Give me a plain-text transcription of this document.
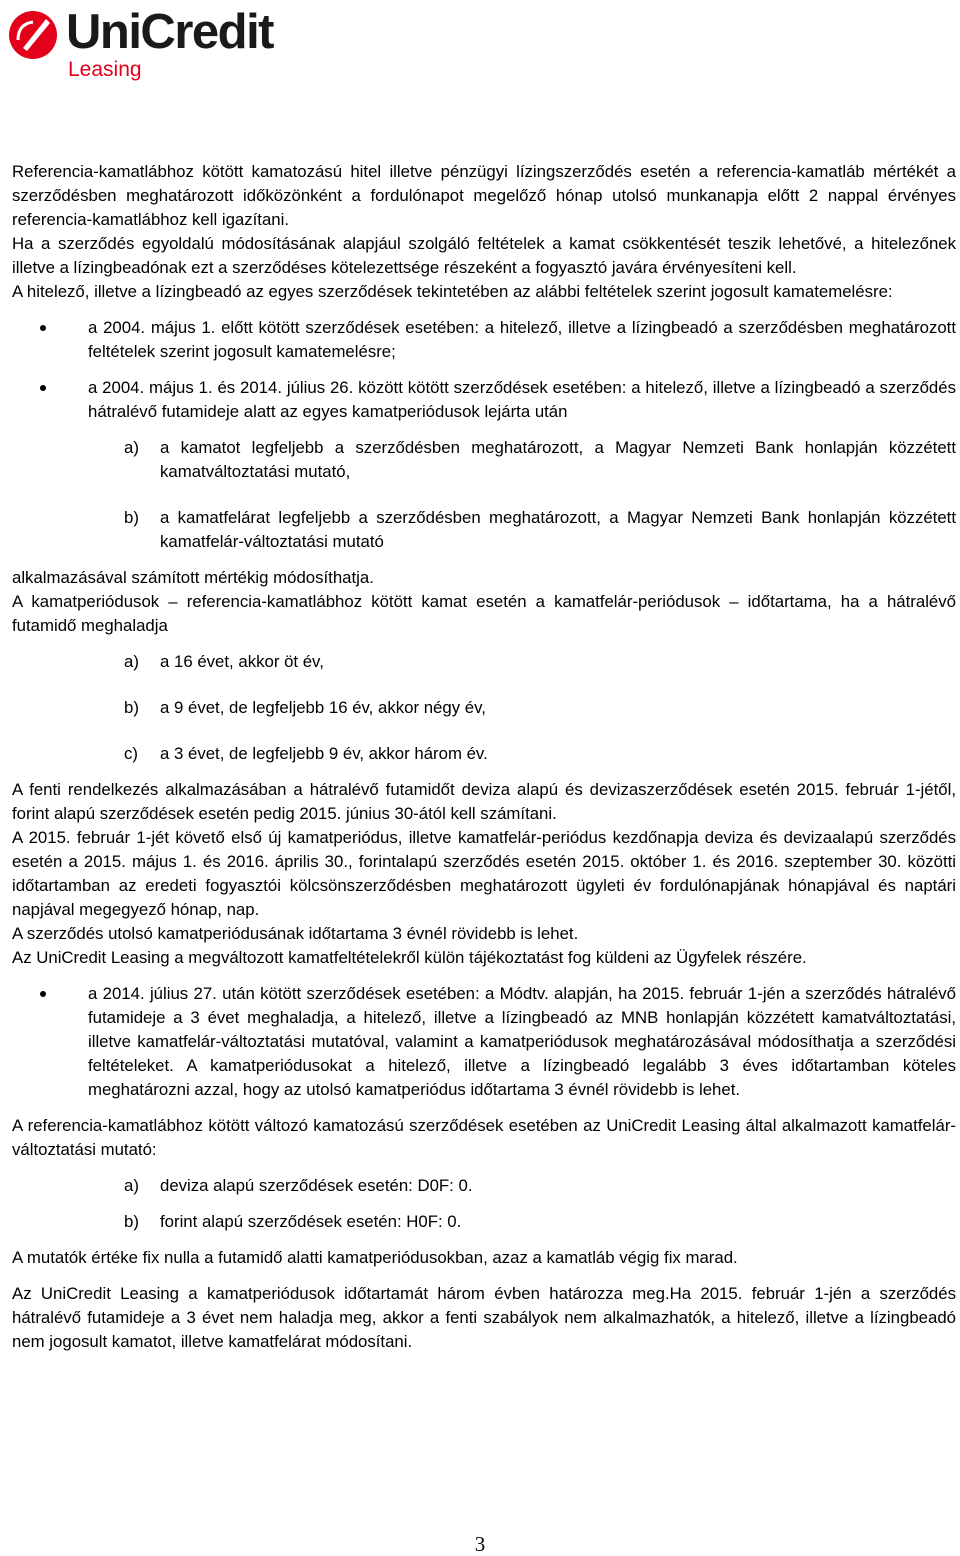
UniCredit
Leasing

Referencia-kamatlábhoz kötött kamatozású hitel illetve pénzügyi lízingszerződés esetén a referencia-kamatláb mértékét a szerződésben meghatározott időközönként a fordulónapot megelőző hónap utolsó munkanapja előtt 2 nappal érvényes referencia-kamatlábhoz kell igazítani.

Ha a szerződés egyoldalú módosításának alapjául szolgáló feltételek a kamat csökkentését teszik lehetővé, a hitelezőnek illetve a lízingbeadónak ezt a szerződéses kötelezettsége részeként a fogyasztó javára érvényesíteni kell.

A hitelező, illetve a lízingbeadó az egyes szerződések tekintetében az alábbi feltételek szerint jogosult kamatemelésre:

a 2004. május 1. előtt kötött szerződések esetében: a hitelező, illetve a lízingbeadó a szerződésben meghatározott feltételek szerint jogosult kamatemelésre;
a 2004. május 1. és 2014. július 26. között kötött szerződések esetében: a hitelező, illetve a lízingbeadó a szerződés hátralévő futamideje alatt az egyes kamatperiódusok lejárta után
a) a kamatot legfeljebb a szerződésben meghatározott, a Magyar Nemzeti Bank honlapján közzétett kamatváltoztatási mutató,
b) a kamatfelárat legfeljebb a szerződésben meghatározott, a Magyar Nemzeti Bank honlapján közzétett kamatfelár-változtatási mutató

alkalmazásával számított mértékig módosíthatja.

A kamatperiódusok – referencia-kamatlábhoz kötött kamat esetén a kamatfelár-periódusok – időtartama, ha a hátralévő futamidő meghaladja

a) a 16 évet, akkor öt év,
b) a 9 évet, de legfeljebb 16 év, akkor négy év,
c) a 3 évet, de legfeljebb 9 év, akkor három év.

A fenti rendelkezés alkalmazásában a hátralévő futamidőt deviza alapú és devizaszerződések esetén 2015. február 1-jétől, forint alapú szerződések esetén pedig 2015. június 30-ától kell számítani.

A 2015. február 1-jét követő első új kamatperiódus, illetve kamatfelár-periódus kezdőnapja deviza és devizaalapú szerződés esetén a 2015. május 1. és 2016. április 30., forintalapú szerződés esetén 2015. október 1. és 2016. szeptember 30. közötti időtartamban az eredeti fogyasztói kölcsönszerződésben meghatározott ügyleti év fordulónapjának hónapjával és naptári napjával megegyező hónap, nap.

A szerződés utolsó kamatperiódusának időtartama 3 évnél rövidebb is lehet.

Az UniCredit Leasing a megváltozott kamatfeltételekről külön tájékoztatást fog küldeni az Ügyfelek részére.

a 2014. július 27. után kötött szerződések esetében: a Módtv. alapján, ha 2015. február 1-jén a szerződés hátralévő futamideje a 3 évet meghaladja, a hitelező, illetve a lízingbeadó az MNB honlapján közzétett kamatváltoztatási, illetve kamatfelár-változtatási mutatóval, valamint a kamatperiódusok meghatározásával módosíthatja a szerződési feltételeket. A kamatperiódusokat a hitelező, illetve a lízingbeadó legalább 3 éves időtartamban köteles meghatározni azzal, hogy az utolsó kamatperiódus időtartama 3 évnél rövidebb is lehet.

A referencia-kamatlábhoz kötött változó kamatozású szerződések esetében az UniCredit Leasing által alkalmazott kamatfelár-változtatási mutató:

a) deviza alapú szerződések esetén: D0F: 0.
b) forint alapú szerződések esetén: H0F: 0.

A mutatók értéke fix nulla a futamidő alatti kamatperiódusokban, azaz a kamatláb végig fix marad.

Az UniCredit Leasing a kamatperiódusok időtartamát három évben határozza meg.Ha 2015. február 1-jén a szerződés hátralévő futamideje a 3 évet nem haladja meg, akkor a fenti szabályok nem alkalmazhatók, a hitelező, illetve a lízingbeadó nem jogosult kamatot, illetve kamatfelárat módosítani.

3
